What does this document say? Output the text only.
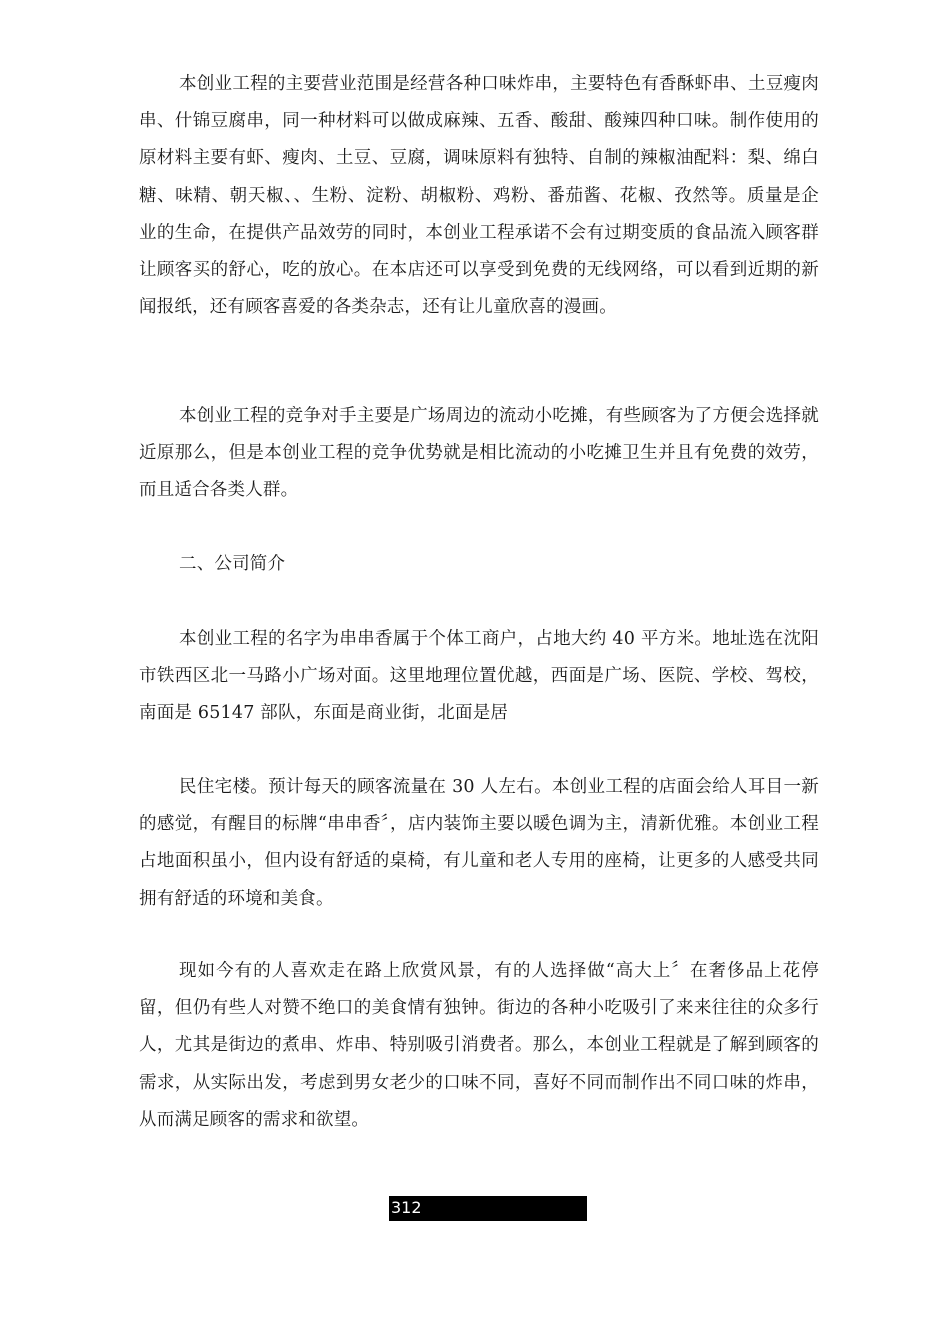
本创业工程的主要营业范围是经营各种口味炸串，主要特色有香酥虾串、土豆瘦肉串、什锦豆腐串，同一种材料可以做成麻辣、五香、酸甜、酸辣四种口味。制作使用的原材料主要有虾、瘦肉、土豆、豆腐，调味原料有独特、自制的辣椒油配料：梨、绵白糖、味精、朝天椒、、生粉、淀粉、胡椒粉、鸡粉、番茄酱、花椒、孜然等。质量是企业的生命，在提供产品效劳的同时，本创业工程承诺不会有过期变质的食品流入顾客群让顾客买的舒心，吃的放心。在本店还可以享受到免费的无线网络，可以看到近期的新闻报纸，还有顾客喜爱的各类杂志，还有让儿童欣喜的漫画。

本创业工程的竞争对手主要是广场周边的流动小吃摊，有些顾客为了方便会选择就近原那么，但是本创业工程的竞争优势就是相比流动的小吃摊卫生并且有免费的效劳，而且适合各类人群。

二、公司简介

本创业工程的名字为串串香属于个体工商户，占地大约 40 平方米。地址选在沈阳市铁西区北一马路小广场对面。这里地理位置优越，西面是广场、医院、学校、驾校，南面是 65147 部队，东面是商业街，北面是居

民住宅楼。预计每天的顾客流量在 30 人左右。本创业工程的店面会给人耳目一新的感觉，有醒目的标牌“串串香〞，店内装饰主要以暖色调为主，清新优雅。本创业工程占地面积虽小，但内设有舒适的桌椅，有儿童和老人专用的座椅，让更多的人感受共同拥有舒适的环境和美食。

现如今有的人喜欢走在路上欣赏风景，有的人选择做“高大上〞在奢侈品上花停留，但仍有些人对赞不绝口的美食情有独钟。街边的各种小吃吸引了来来往往的众多行人，尤其是街边的煮串、炸串、特别吸引消费者。那么，本创业工程就是了解到顾客的需求，从实际出发，考虑到男女老少的口味不同，喜好不同而制作出不同口味的炸串，从而满足顾客的需求和欲望。

312
